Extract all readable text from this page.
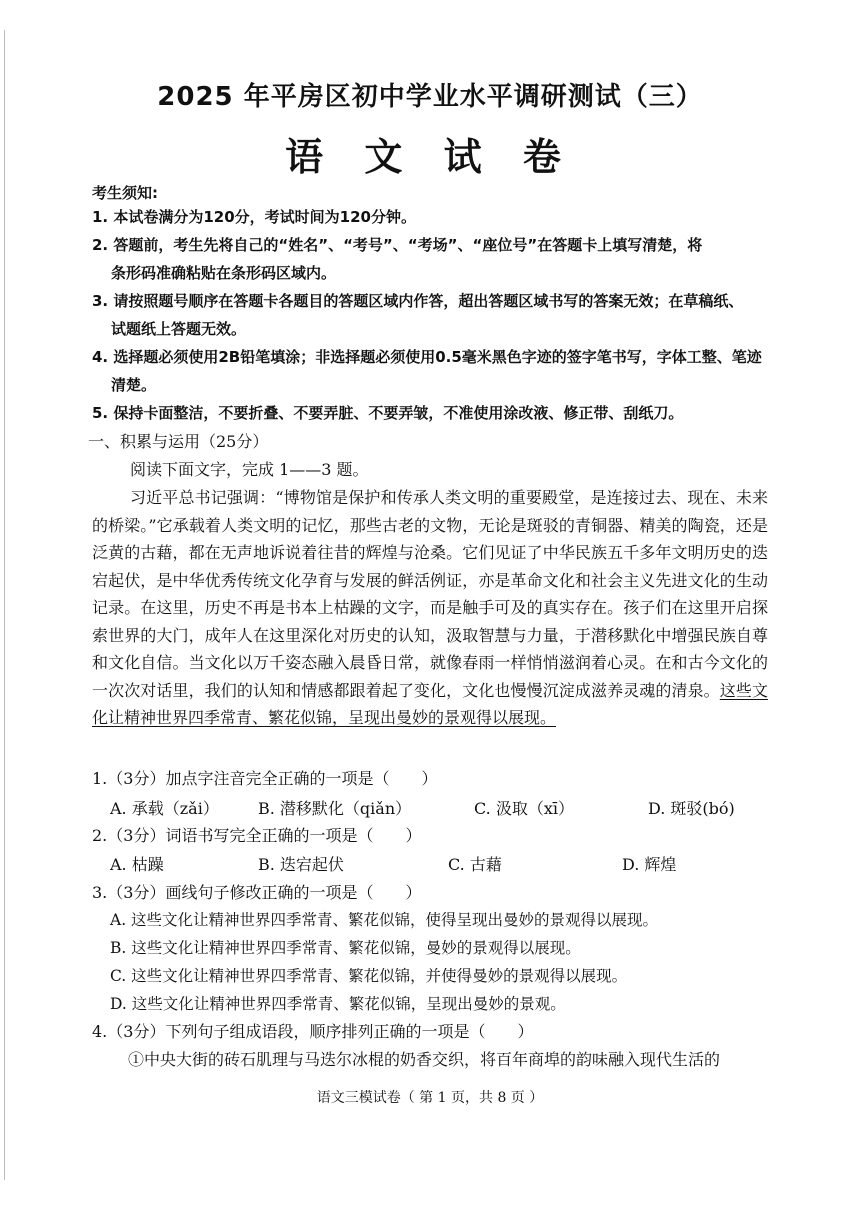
2025 年平房区初中学业水平调研测试（三）
语 文 试 卷
考生须知:
1. 本试卷满分为120分，考试时间为120分钟。
2. 答题前，考生先将自己的“姓名”、“考号”、“考场”、“座位号”在答题卡上填写清楚，将
条形码准确粘贴在条形码区域内。
3. 请按照题号顺序在答题卡各题目的答题区域内作答，超出答题区域书写的答案无效；在草稿纸、
试题纸上答题无效。
4. 选择题必须使用2B铅笔填涂；非选择题必须使用0.5毫米黑色字迹的签字笔书写，字体工整、笔迹
清楚。
5. 保持卡面整洁，不要折叠、不要弄脏、不要弄皱，不准使用涂改液、修正带、刮纸刀。
一、积累与运用（25分）
阅读下面文字，完成 1——3 题。

习近平总书记强调：“博物馆是保护和传承人类文明的重要殿堂，是连接过去、现在、未来的桥梁。”它承载着人类文明的记忆，那些古老的文物，无论是斑驳的青铜器、精美的陶瓷，还是泛黄的古藉，都在无声地诉说着往昔的辉煌与沧桑。它们见证了中华民族五千多年文明历史的迭宕起伏，是中华优秀传统文化孕育与发展的鲜活例证，亦是革命文化和社会主义先进文化的生动记录。在这里，历史不再是书本上枯躁的文字，而是触手可及的真实存在。孩子们在这里开启探索世界的大门，成年人在这里深化对历史的认知，汲取智慧与力量，于潜移默化中增强民族自尊和文化自信。当文化以万千姿态融入晨昏日常，就像春雨一样悄悄滋润着心灵。在和古今文化的一次次对话里，我们的认知和情感都跟着起了变化，文化也慢慢沉淀成滋养灵魂的清泉。这些文化让精神世界四季常青、繁花似锦，呈现出曼妙的景观得以展现。

1.（3分）加点字注音完全正确的一项是（　　）
A. 承载（zǎi） B. 潜移默化（qiǎn）	C. 汲取（xī）	D. 斑驳(bó)
2.（3分）词语书写完全正确的一项是（　　）
A. 枯躁	B. 迭宕起伏	C. 古藉	D. 辉煌
3.（3分）画线句子修改正确的一项是（　　）
A. 这些文化让精神世界四季常青、繁花似锦，使得呈现出曼妙的景观得以展现。
B. 这些文化让精神世界四季常青、繁花似锦，曼妙的景观得以展现。
C. 这些文化让精神世界四季常青、繁花似锦，并使得曼妙的景观得以展现。
D. 这些文化让精神世界四季常青、繁花似锦，呈现出曼妙的景观。
4.（3分）下列句子组成语段，顺序排列正确的一项是（　　）
①中央大街的砖石肌理与马迭尔冰棍的奶香交织，将百年商埠的韵味融入现代生活的
语文三模试卷（ 第 1 页，共 8 页 ）
